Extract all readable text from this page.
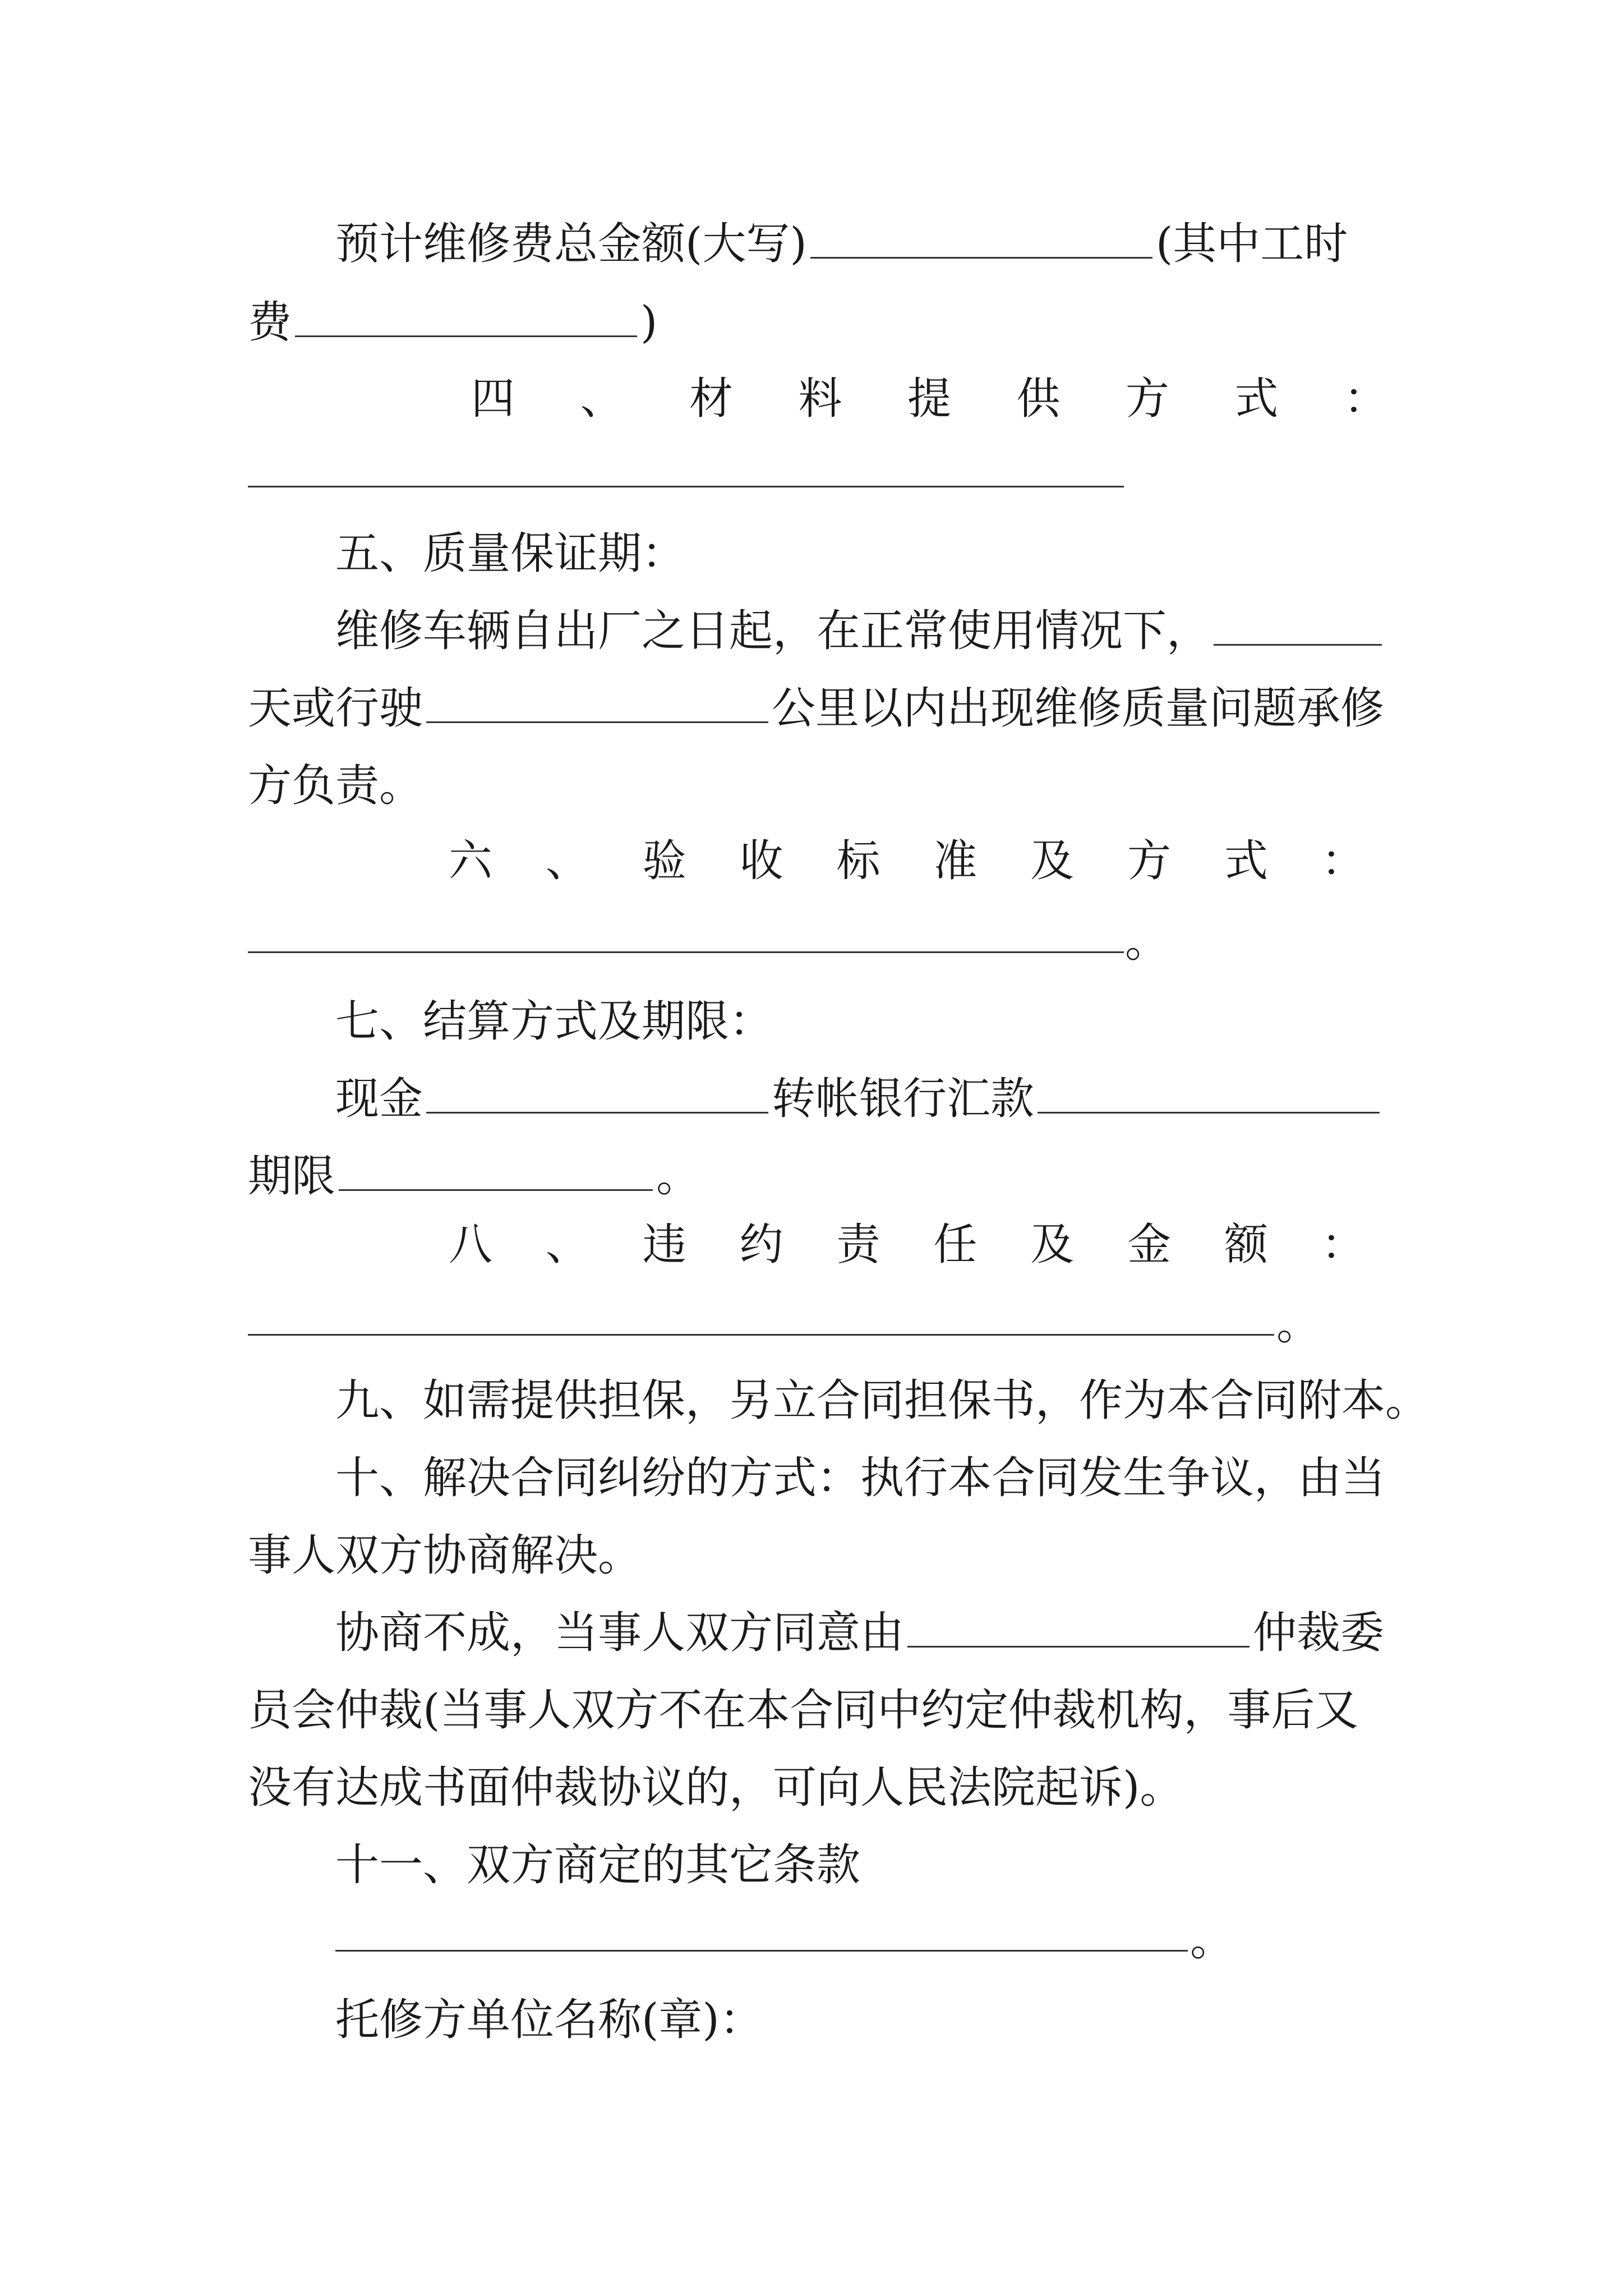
预计维修费总金额(大写)	(其中工时
费	)
四 、 材 料 提 供 方 式 ：
五、质量保证期：
维修车辆自出厂之日起，在正常使用情况下，
天或行驶	公里以内出现维修质量问题承修
方负责。
六 、 验 收 标 准 及 方 式 ：
。
七、结算方式及期限：
现金	转帐银行汇款
期限	。
八 、 违 约 责 任 及 金 额 ：
。
九、如需提供担保，另立合同担保书，作为本合同附本。
十、解决合同纠纷的方式：执行本合同发生争议，由当
事人双方协商解决。
协商不成，当事人双方同意由	仲裁委
员会仲裁(当事人双方不在本合同中约定仲裁机构，事后又
没有达成书面仲裁协议的，可向人民法院起诉)。
十一、双方商定的其它条款
。
托修方单位名称(章)：
